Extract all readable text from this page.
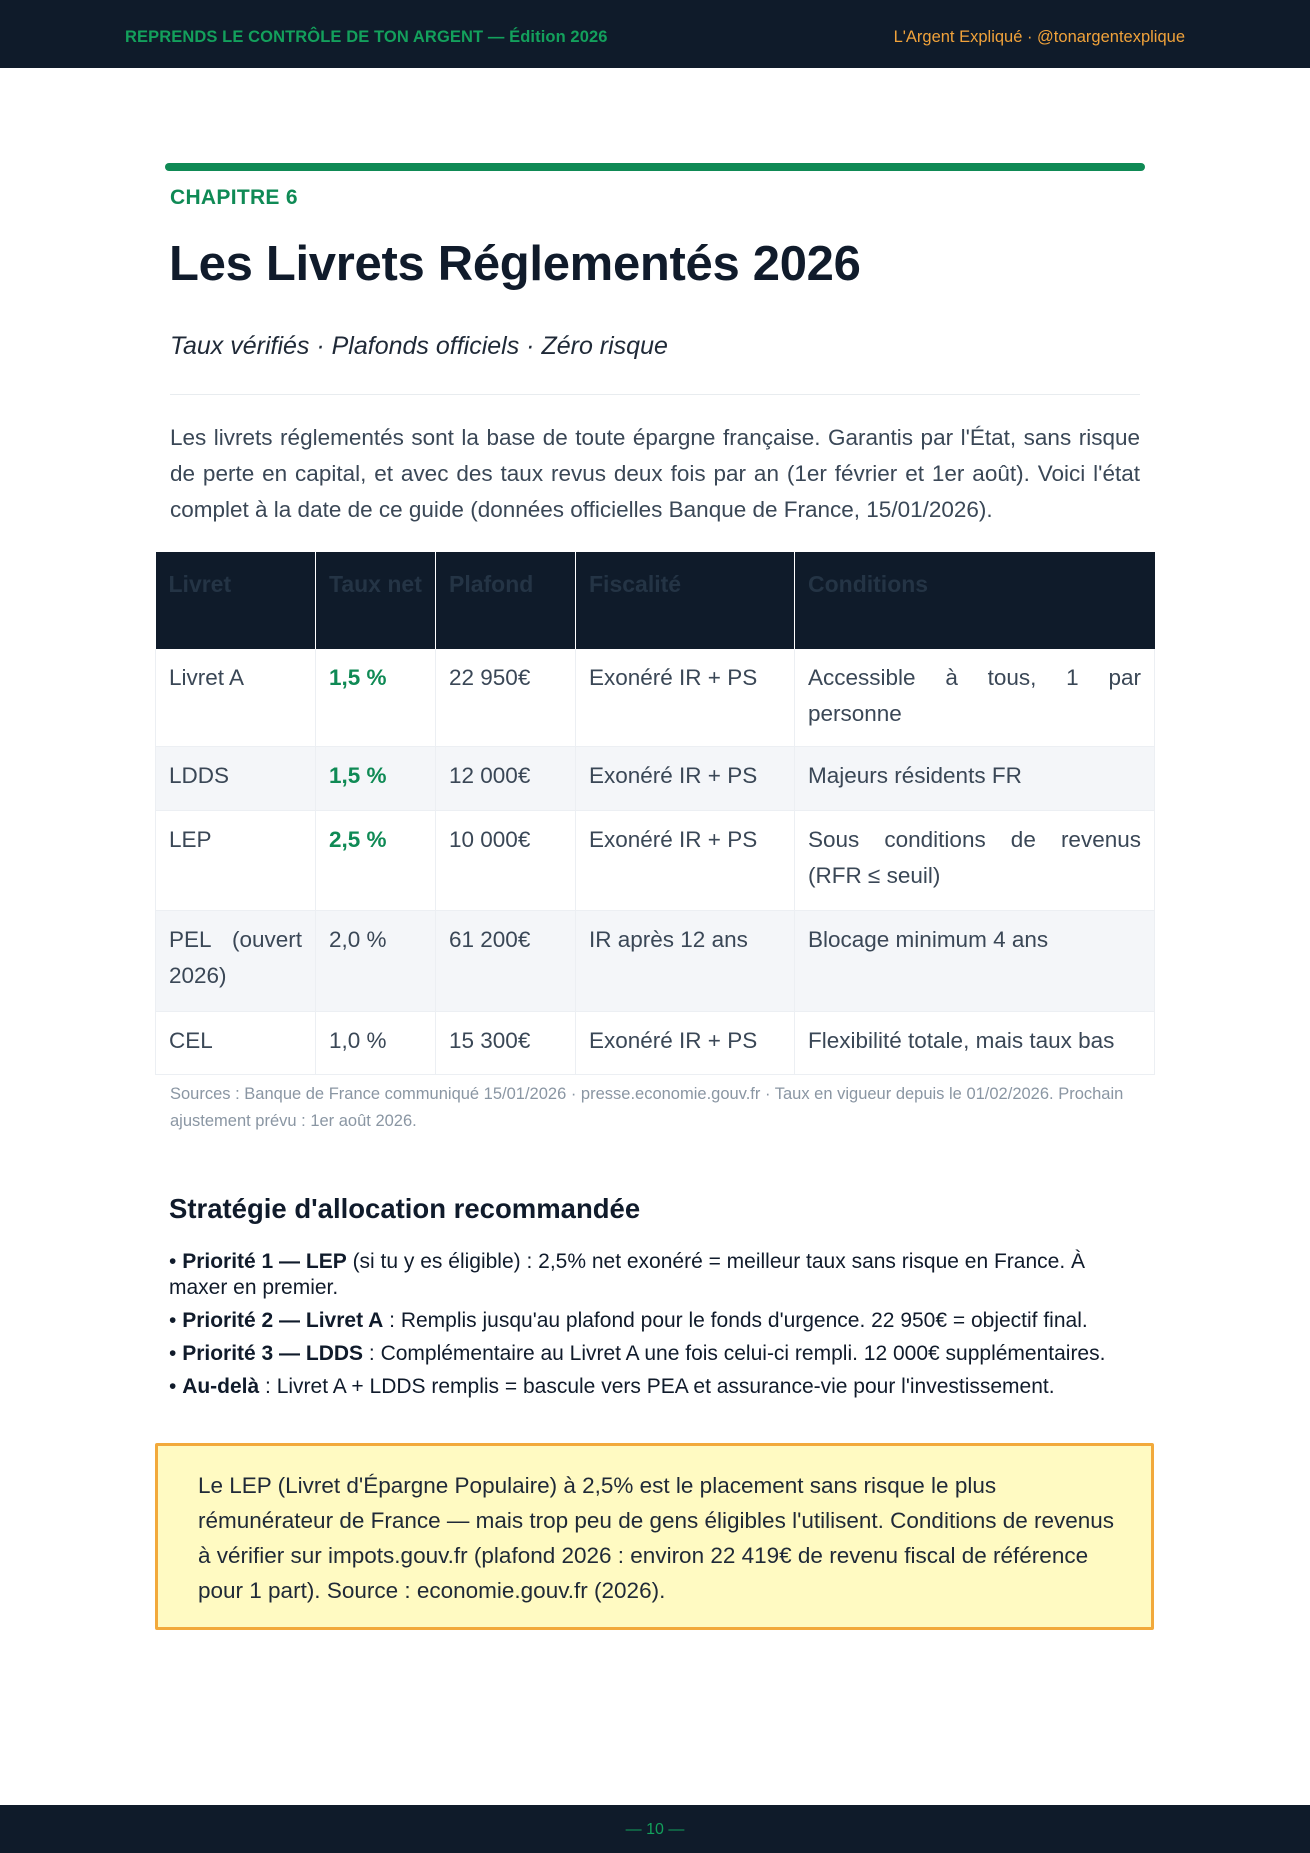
REPRENDS LE CONTRÔLE DE TON ARGENT — Édition 2026	L'Argent Expliqué · @tonargentexplique
CHAPITRE 6
Les Livrets Réglementés 2026
Taux vérifiés · Plafonds officiels · Zéro risque

Les livrets réglementés sont la base de toute épargne française. Garantis par l'État, sans risque de perte en capital, et avec des taux revus deux fois par an (1er février et 1er août). Voici l'état complet à la date de ce guide (données officielles Banque de France, 15/01/2026).

Livret	Taux net	Plafond	Fiscalité	Conditions
Livret A	1,5 %	22 950€	Exonéré IR + PS	Accessible à tous, 1 par personne
LDDS	1,5 %	12 000€	Exonéré IR + PS	Majeurs résidents FR
LEP	2,5 %	10 000€	Exonéré IR + PS	Sous conditions de revenus (RFR ≤ seuil)
PEL (ouvert 2026)	2,0 %	61 200€	IR après 12 ans	Blocage minimum 4 ans
CEL	1,0 %	15 300€	Exonéré IR + PS	Flexibilité totale, mais taux bas

Sources : Banque de France communiqué 15/01/2026 · presse.economie.gouv.fr · Taux en vigueur depuis le 01/02/2026. Prochain ajustement prévu : 1er août 2026.

Stratégie d'allocation recommandée
• Priorité 1 — LEP (si tu y es éligible) : 2,5% net exonéré = meilleur taux sans risque en France. À maxer en premier.
• Priorité 2 — Livret A : Remplis jusqu'au plafond pour le fonds d'urgence. 22 950€ = objectif final.
• Priorité 3 — LDDS : Complémentaire au Livret A une fois celui-ci rempli. 12 000€ supplémentaires.
• Au-delà : Livret A + LDDS remplis = bascule vers PEA et assurance-vie pour l'investissement.
Le LEP (Livret d'Épargne Populaire) à 2,5% est le placement sans risque le plus rémunérateur de France — mais trop peu de gens éligibles l'utilisent. Conditions de revenus à vérifier sur impots.gouv.fr (plafond 2026 : environ 22 419€ de revenu fiscal de référence pour 1 part). Source : economie.gouv.fr (2026).
— 10 —
